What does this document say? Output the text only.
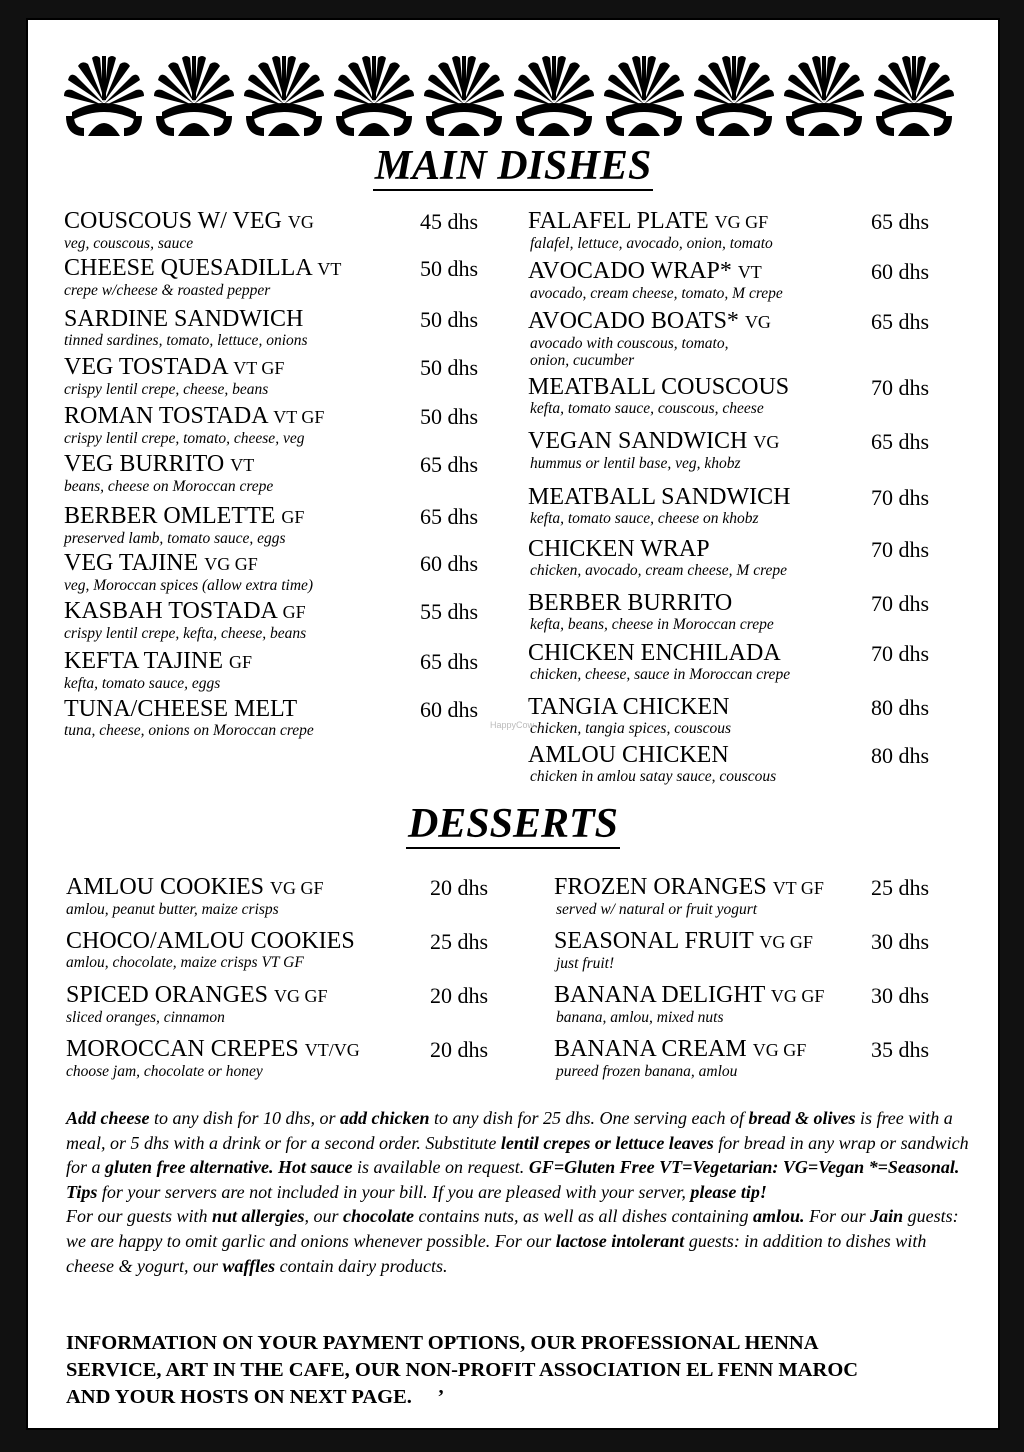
MAIN DISHES
COUSCOUS W/ VEG VG
veg, couscous, sauce
45 dhs
CHEESE QUESADILLA VT
crepe w/cheese & roasted pepper
50 dhs
SARDINE SANDWICH
tinned sardines, tomato, lettuce, onions
50 dhs
VEG TOSTADA VT GF
crispy lentil crepe, cheese, beans
50 dhs
ROMAN TOSTADA VT GF
crispy lentil crepe, tomato, cheese, veg
50 dhs
VEG BURRITO VT
beans, cheese on Moroccan crepe
65 dhs
BERBER OMLETTE GF
preserved lamb, tomato sauce, eggs
65 dhs
VEG TAJINE VG GF
veg, Moroccan spices (allow extra time)
60 dhs
KASBAH TOSTADA GF
crispy lentil crepe, kefta, cheese, beans
55 dhs
KEFTA TAJINE GF
kefta, tomato sauce, eggs
65 dhs
TUNA/CHEESE MELT
tuna, cheese, onions on Moroccan crepe
60 dhs
FALAFEL PLATE VG GF
falafel, lettuce, avocado, onion, tomato
65 dhs
AVOCADO WRAP* VT
avocado, cream cheese, tomato, M crepe
60 dhs
AVOCADO BOATS* VG
avocado with couscous, tomato,
onion, cucumber
65 dhs
MEATBALL COUSCOUS
kefta, tomato sauce, couscous, cheese
70 dhs
VEGAN SANDWICH VG
hummus or lentil base, veg, khobz
65 dhs
MEATBALL SANDWICH
kefta, tomato sauce, cheese on khobz
70 dhs
CHICKEN WRAP
chicken, avocado, cream cheese, M crepe
70 dhs
BERBER BURRITO
kefta, beans, cheese in Moroccan crepe
70 dhs
CHICKEN ENCHILADA
chicken, cheese, sauce in Moroccan crepe
70 dhs
TANGIA CHICKEN
chicken, tangia spices, couscous
80 dhs
AMLOU CHICKEN
chicken in amlou satay sauce, couscous
80 dhs
HappyCow
DESSERTS
AMLOU COOKIES VG GF
amlou, peanut butter, maize crisps
20 dhs
CHOCO/AMLOU COOKIES
amlou, chocolate, maize crisps VT GF
25 dhs
SPICED ORANGES VG GF
sliced oranges, cinnamon
20 dhs
MOROCCAN CREPES VT/VG
choose jam, chocolate or honey
20 dhs
FROZEN ORANGES VT GF
served w/ natural or fruit yogurt
25 dhs
SEASONAL FRUIT VG GF
just fruit!
30 dhs
BANANA DELIGHT VG GF
banana, amlou, mixed nuts
30 dhs
BANANA CREAM VG GF
pureed frozen banana, amlou
35 dhs

Add cheese to any dish for 10 dhs, or add chicken to any dish for 25 dhs. One serving each of bread & olives is free with a meal, or 5 dhs with a drink or for a second order. Substitute lentil crepes or lettuce leaves for bread in any wrap or sandwich for a gluten free alternative. Hot sauce is available on request. GF=Gluten Free VT=Vegetarian: VG=Vegan *=Seasonal. Tips for your servers are not included in your bill. If you are pleased with your server, please tip!

For our guests with nut allergies, our chocolate contains nuts, as well as all dishes containing amlou. For our Jain guests: we are happy to omit garlic and onions whenever possible. For our lactose intolerant guests: in addition to dishes with cheese & yogurt, our waffles contain dairy products.

INFORMATION ON YOUR PAYMENT OPTIONS, OUR PROFESSIONAL HENNA
SERVICE, ART IN THE CAFE, OUR NON-PROFIT ASSOCIATION EL FENN MAROC
AND YOUR HOSTS ON NEXT PAGE.     ’
